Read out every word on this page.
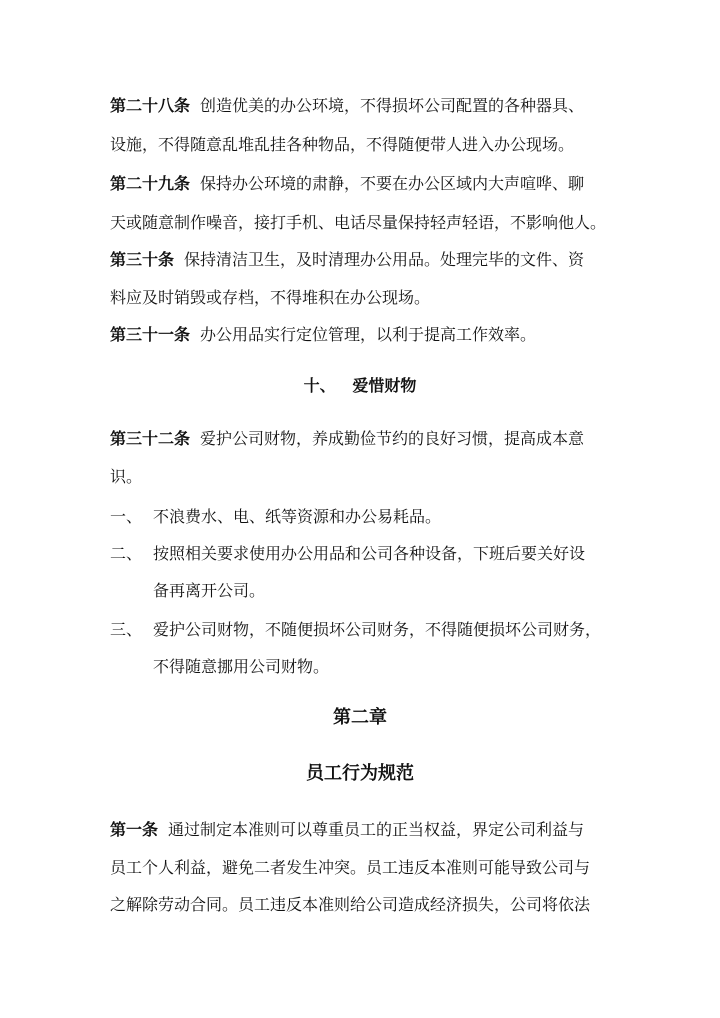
第二十八条 创造优美的办公环境，不得损坏公司配置的各种器具、
设施，不得随意乱堆乱挂各种物品，不得随便带人进入办公现场。
第二十九条 保持办公环境的肃静，不要在办公区域内大声喧哗、聊
天或随意制作噪音，接打手机、电话尽量保持轻声轻语，不影响他人。
第三十条 保持清洁卫生，及时清理办公用品。处理完毕的文件、资
料应及时销毁或存档，不得堆积在办公现场。
第三十一条 办公用品实行定位管理，以利于提高工作效率。
十、 爱惜财物
第三十二条 爱护公司财物，养成勤俭节约的良好习惯，提高成本意
识。
一、 不浪费水、电、纸等资源和办公易耗品。
二、 按照相关要求使用办公用品和公司各种设备，下班后要关好设
备再离开公司。
三、 爱护公司财物，不随便损坏公司财务，不得随便损坏公司财务，
不得随意挪用公司财物。
第二章
员工行为规范
第一条 通过制定本准则可以尊重员工的正当权益，界定公司利益与
员工个人利益，避免二者发生冲突。员工违反本准则可能导致公司与
之解除劳动合同。员工违反本准则给公司造成经济损失，公司将依法
